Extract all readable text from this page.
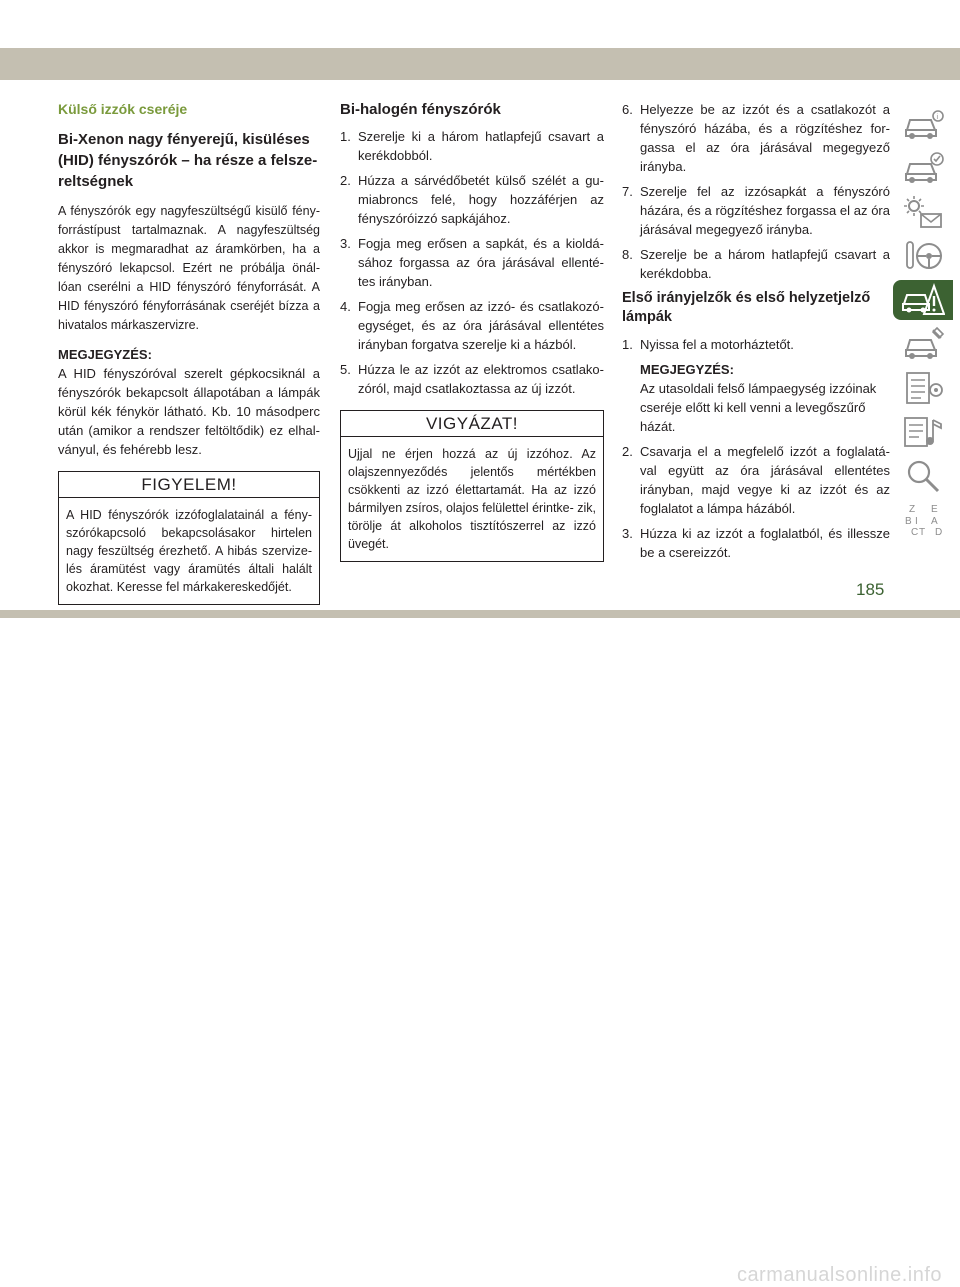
Külső izzók cseréje
Bi-Xenon nagy fényerejű, kisüléses (HID) fényszórók – ha része a felsze- reltségnek

A fényszórók egy nagyfeszültségű kisülő fény- forrástípust tartalmaznak. A nagyfeszültség akkor is megmaradhat az áramkörben, ha a fényszóró lekapcsol. Ezért ne próbálja önál- lóan cserélni a HID fényszóró fényforrását. A HID fényszóró fényforrásának cseréjét bízza a hivatalos márkaszervizre.

MEGJEGYZÉS:
A HID fényszóróval szerelt gépkocsiknál a fényszórók bekapcsolt állapotában a lámpák körül kék fénykör látható. Kb. 10 másodperc után (amikor a rendszer feltöltődik) ez elhal- ványul, és fehérebb lesz.

FIGYELEM!
A HID fényszórók izzófoglalatainál a fény- szórókapcsoló bekapcsolásakor hirtelen nagy feszültség érezhető. A hibás szervize- lés áramütést vagy áramütés általi halált okozhat. Keresse fel márkakereskedőjét.
Bi-halogén fényszórók
1. Szerelje ki a három hatlapfejű csavart a kerékdobból.
2. Húzza a sárvédőbetét külső szélét a gu- miabroncs felé, hogy hozzáférjen az fényszóróizzó sapkájához.
3. Fogja meg erősen a sapkát, és a kioldá- sához forgassa az óra járásával ellenté- tes irányban.
4. Fogja meg erősen az izzó- és csatlakozó- egységet, és az óra járásával ellentétes irányban forgatva szerelje ki a házból.
5. Húzza le az izzót az elektromos csatlako- zóról, majd csatlakoztassa az új izzót.
VIGYÁZAT!
Ujjal ne érjen hozzá az új izzóhoz. Az olajszennyeződés jelentős mértékben csökkenti az izzó élettartamát. Ha az izzó bármilyen zsíros, olajos felülettel érintke- zik, törölje át alkoholos tisztítószerrel az izzó üvegét.
6. Helyezze be az izzót és a csatlakozót a fényszóró házába, és a rögzítéshez for- gassa el az óra járásával megegyező irányba.
7. Szerelje fel az izzósapkát a fényszóró házára, és a rögzítéshez forgassa el az óra járásával megegyező irányba.
8. Szerelje be a három hatlapfejű csavart a kerékdobba.
Első irányjelzők és első helyzetjelző lámpák
1. Nyissa fel a motorháztetőt.
MEGJEGYZÉS:
Az utasoldali felső lámpaegység izzóinak cseréje előtt ki kell venni a levegőszűrő házát.
2. Csavarja el a megfelelő izzót a foglalatá- val együtt az óra járásával ellentétes irányban, majd vegye ki az izzót és az foglalatot a lámpa házából.
3. Húzza ki az izzót a foglalatból, és illessze be a csereizzót.
i
Z E
B A
I
C T D
185
carmanualsonline.info
